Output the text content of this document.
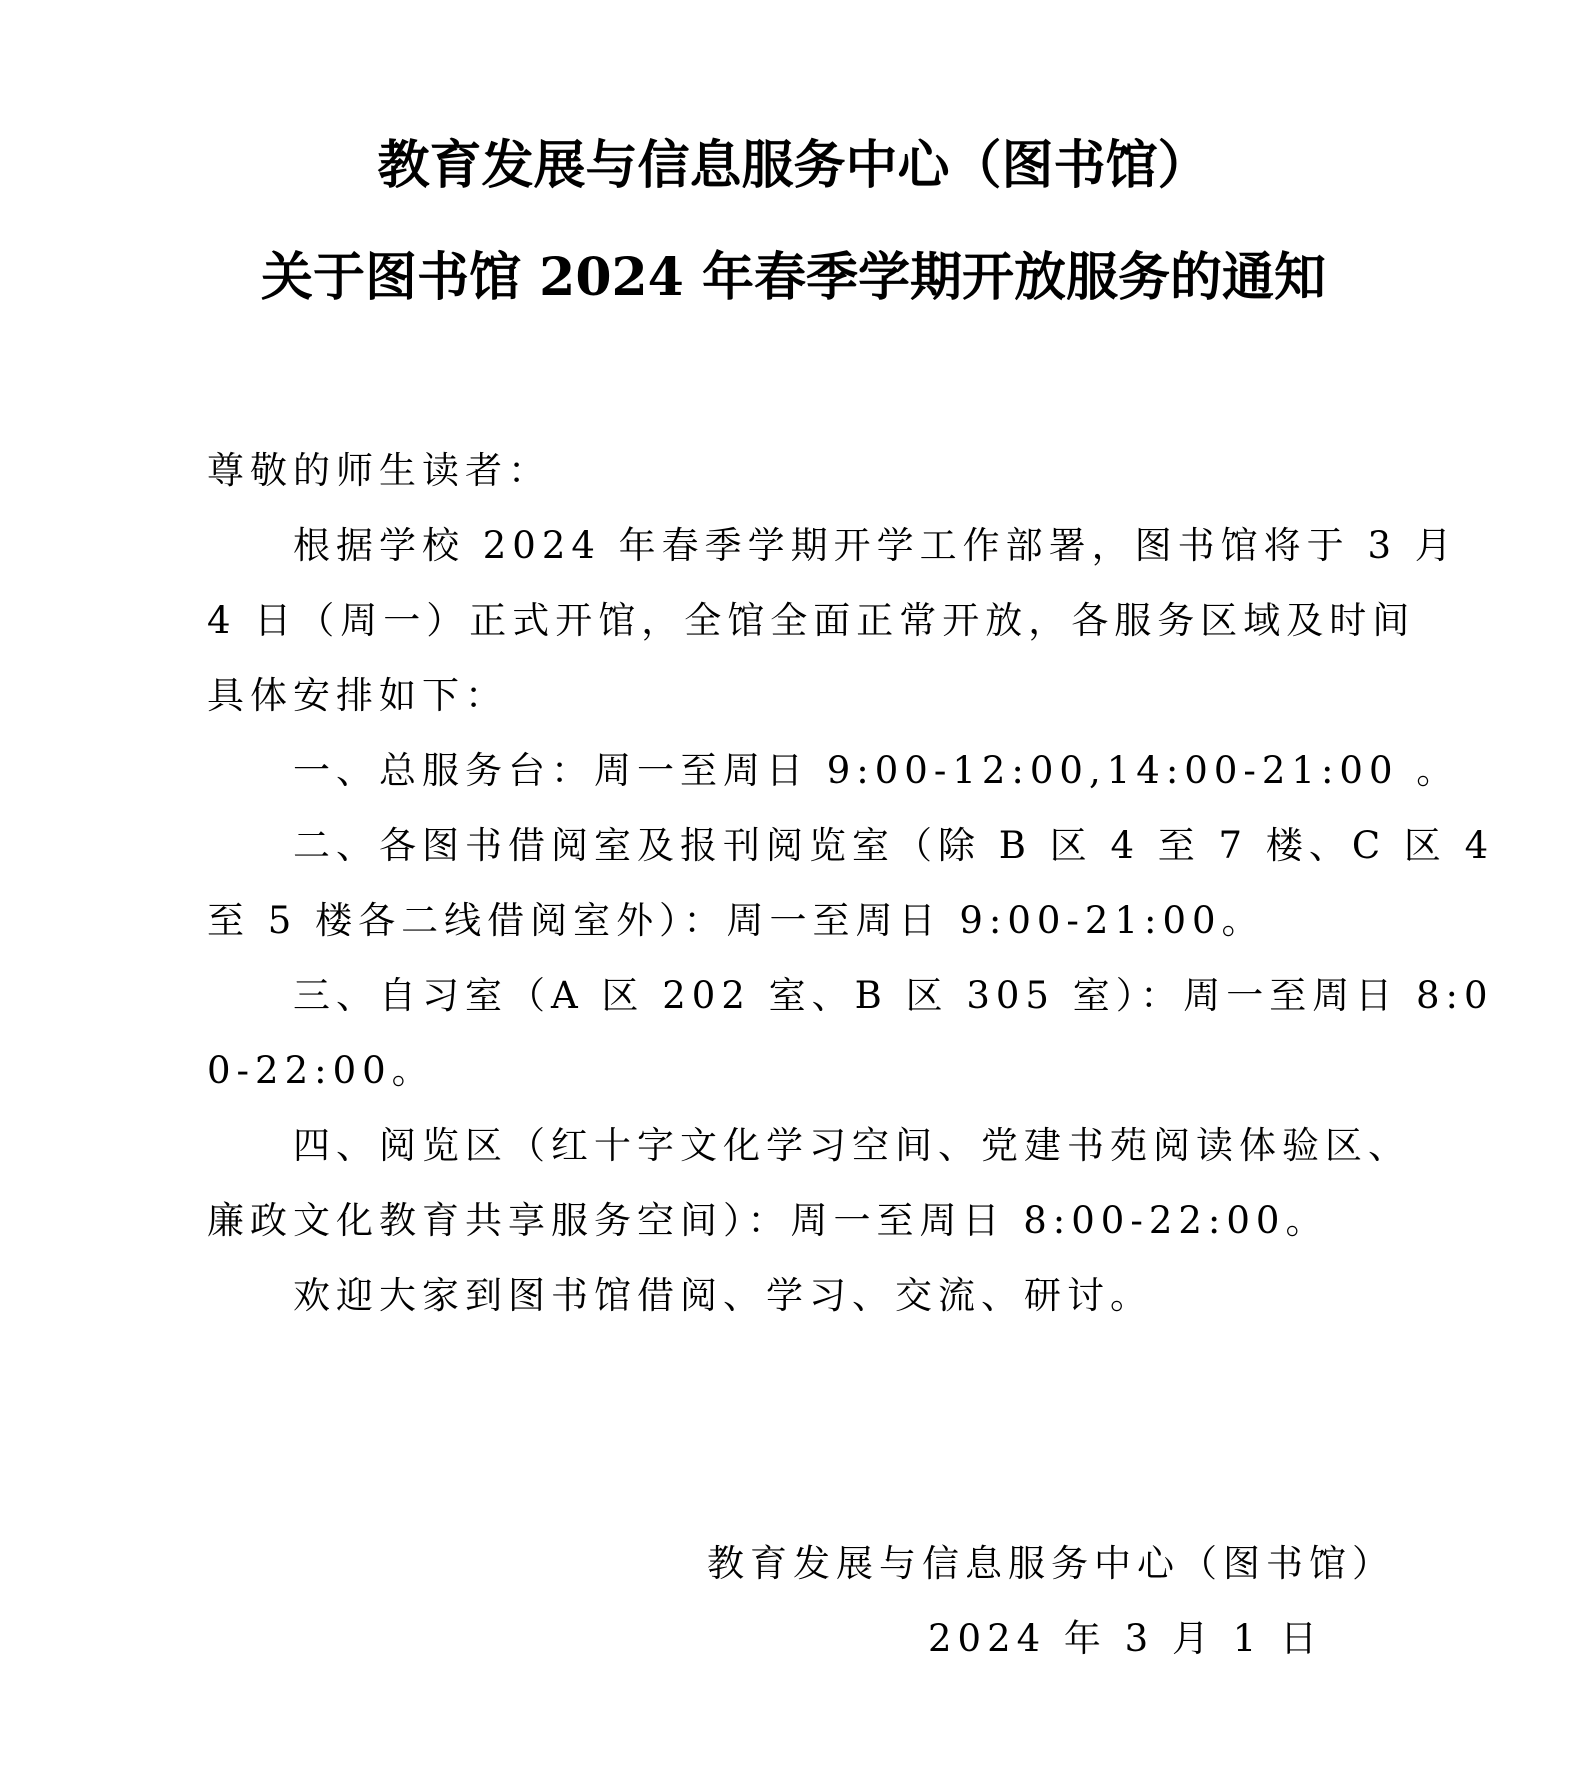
教育发展与信息服务中心（图书馆）
关于图书馆 2024 年春季学期开放服务的通知
尊敬的师生读者：
根据学校 2024 年春季学期开学工作部署，图书馆将于 3 月
4 日（周一）正式开馆，全馆全面正常开放，各服务区域及时间
具体安排如下：
一、总服务台：周一至周日 9:00-12:00,14:00-21:00 。
二、各图书借阅室及报刊阅览室（除 B 区 4 至 7 楼、C 区 4
至 5 楼各二线借阅室外）：周一至周日 9:00-21:00。
三、自习室（A 区 202 室、B 区 305 室）：周一至周日 8:0
0-22:00。
四、阅览区（红十字文化学习空间、党建书苑阅读体验区、
廉政文化教育共享服务空间）：周一至周日 8:00-22:00。
欢迎大家到图书馆借阅、学习、交流、研讨。
教育发展与信息服务中心（图书馆）
2024 年 3 月 1 日
